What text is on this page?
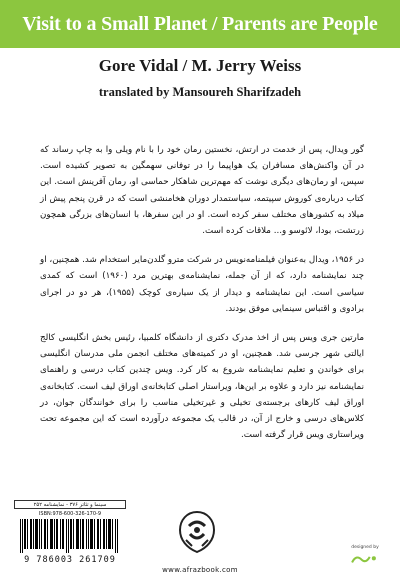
Visit to a Small Planet / Parents are People
Gore Vidal / M. Jerry Weiss
translated by Mansoureh Sharifzadeh

گور ویدال، پس از خدمت در ارتش، نخستین رمان خود را با نام ویلی وا به چاپ رساند که در آن واکنش‌های مسافران یک هواپیما را در توفانی سهمگین به تصویر کشیده است. سپس، او رمان‌های دیگری نوشت که مهم‌ترین شاهکار حماسی او، رمان آفرینش است. این کتاب درباره‌ی کوروش سپیتمه، سیاستمدار دوران هخامنشی است که در قرن پنجم پیش از میلاد به کشورهای مختلف سفر کرده است. او در این سفرها، با انسان‌های بزرگی همچون زرتشت، بودا، لائوسو و... ملاقات کرده است.

در ۱۹۵۶، ویدال به‌عنوان فیلمنامه‌نویس در شرکت مترو گلدن‌مایر استخدام شد. همچنین، او چند نمایشنامه دارد، که از آن جمله، نمایشنامه‌ی بهترین مرد (۱۹۶۰) است که کمدی سیاسی است. این نمایشنامه و دیدار از یک سیاره‌ی کوچک (۱۹۵۵)، هر دو در اجرای برادوی و اقتباس سینمایی موفق بودند.

مارتین جری ویس پس از اخذ مدرک دکتری از دانشگاه کلمبیا، رئیس بخش انگلیسی کالج ایالتی شهر جرسی شد. همچنین، او در کمیته‌های مختلف انجمن ملی مدرسان انگلیسی برای خواندن و تعلیم نمایشنامه شروع به کار کرد. ویس چندین کتاب درسی و راهنمای نمایشنامه نیز دارد و علاوه بر این‌ها، ویراستار اصلی کتابخانه‌ی اوراق لیف است. کتابخانه‌ی اوراق لیف کارهای برجسته‌ی تخیلی و غیرتخیلی مناسب را برای خوانندگان جوان، در کلاس‌های درسی و خارج از آن، در قالب یک مجموعه درآورده است که این مجموعه تحت ویراستاری ویس قرار گرفته است.

سینما و تئاتر ۳۷۶ - نمایشنامه ۲۵۲
ISBN:978-600-326-170-9
9 786003 261709
designed by
www.afrazbook.com
